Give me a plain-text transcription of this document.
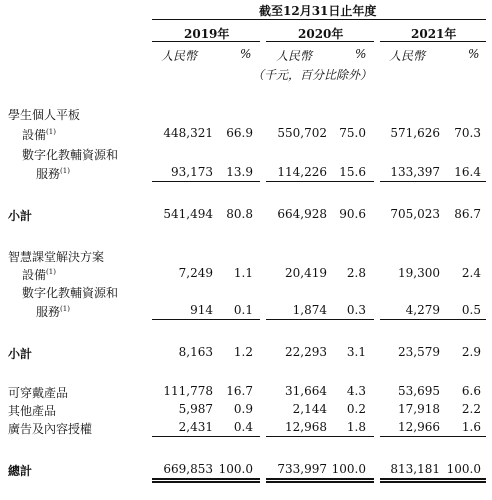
截至12月31日止年度
2019年	2020年	2021年
人民幣	% 人民幣	% 人民幣	%
（千元，百分比除外）
學生個人平板
設備$^{(1)}$	448,321 66.9 550,702 75.0 571,626 70.3
數字化教輔資源和
服務$^{(1)}$	93,173 13.9 114,226 15.6 133,397 16.4
小計	541,494 80.8 664,928 90.6 705,023 86.7
智慧課堂解決方案
設備$^{(1)}$	7,249 1.1	20,419 2.8	19,300 2.4
數字化教輔資源和
服務$^{(1)}$	914 0.1	1,874 0.3	4,279 0.5
小計	8,163 1.2	22,293 3.1	23,579 2.9
可穿戴產品	111,778 16.7	31,664 4.3	53,695 6.6
其他產品	5,987 0.9	2,144 0.2	17,918 2.2
廣告及內容授權	2,431 0.4	12,968 1.8	12,966 1.6
總計	669,853 100.0 733,997 100.0 813,181 100.0
